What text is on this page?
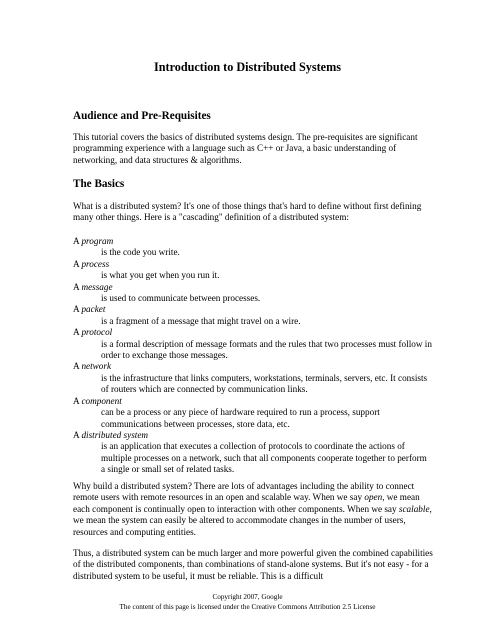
Introduction to Distributed Systems
Audience and Pre-Requisites
This tutorial covers the basics of distributed systems design. The pre-requisites are significant programming experience with a language such as C++ or Java, a basic understanding of networking, and data structures & algorithms.
The Basics
What is a distributed system? It's one of those things that's hard to define without first defining many other things. Here is a "cascading" definition of a distributed system:
A program
is the code you write.
A process
is what you get when you run it.
A message
is used to communicate between processes.
A packet
is a fragment of a message that might travel on a wire.
A protocol
is a formal description of message formats and the rules that two processes must follow in order to exchange those messages.
A network
is the infrastructure that links computers, workstations, terminals, servers, etc. It consists of routers which are connected by communication links.
A component
can be a process or any piece of hardware required to run a process, support communications between processes, store data, etc.
A distributed system
is an application that executes a collection of protocols to coordinate the actions of multiple processes on a network, such that all components cooperate together to perform a single or small set of related tasks.
Why build a distributed system? There are lots of advantages including the ability to connect remote users with remote resources in an open and scalable way. When we say open, we mean each component is continually open to interaction with other components. When we say scalable, we mean the system can easily be altered to accommodate changes in the number of users, resources and computing entities.
Thus, a distributed system can be much larger and more powerful given the combined capabilities of the distributed components, than combinations of stand-alone systems. But it's not easy - for a distributed system to be useful, it must be reliable. This is a difficult
Copyright 2007, Google
The content of this page is licensed under the Creative Commons Attribution 2.5 License
